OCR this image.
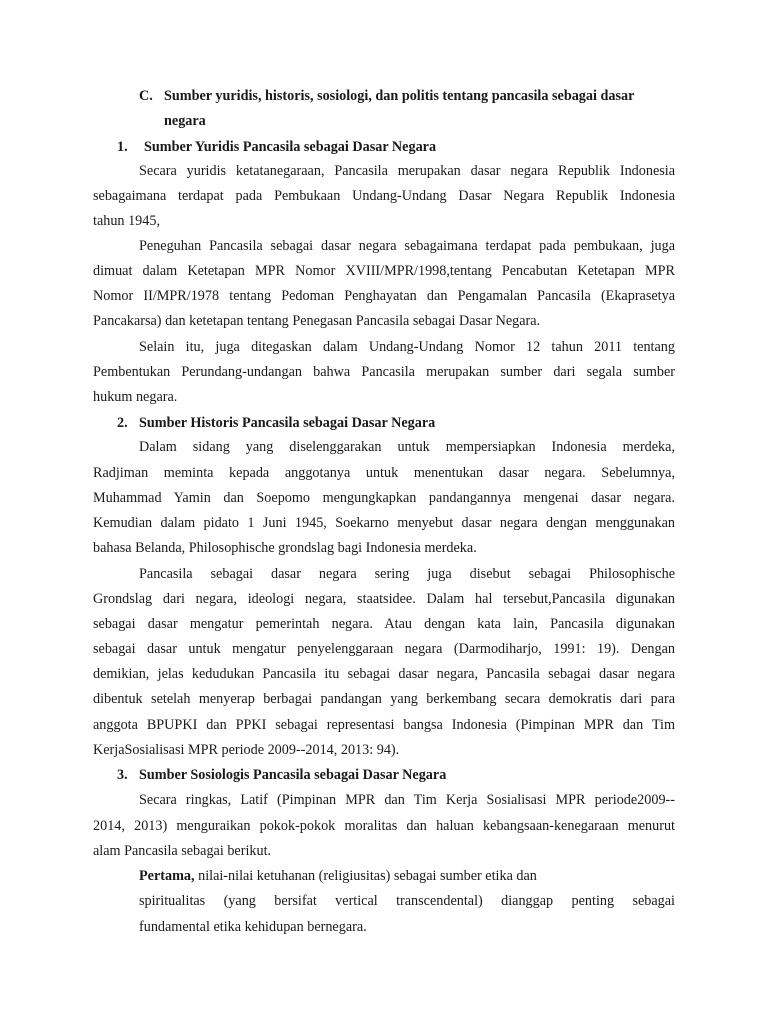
C. Sumber yuridis, historis, sosiologi, dan politis tentang pancasila sebagai dasar
negara
1. Sumber Yuridis Pancasila sebagai Dasar Negara
Secara yuridis ketatanegaraan, Pancasila merupakan dasar negara Republik Indonesia
sebagaimana terdapat pada Pembukaan Undang-Undang Dasar Negara Republik Indonesia
tahun 1945,
Peneguhan Pancasila sebagai dasar negara sebagaimana terdapat pada pembukaan, juga
dimuat dalam Ketetapan MPR Nomor XVIII/MPR/1998,tentang Pencabutan Ketetapan MPR
Nomor II/MPR/1978 tentang Pedoman Penghayatan dan Pengamalan Pancasila (Ekaprasetya
Pancakarsa) dan ketetapan tentang Penegasan Pancasila sebagai Dasar Negara.
Selain itu, juga ditegaskan dalam Undang-Undang Nomor 12 tahun 2011 tentang
Pembentukan Perundang-undangan bahwa Pancasila merupakan sumber dari segala sumber
hukum negara.
2. Sumber Historis Pancasila sebagai Dasar Negara
Dalam sidang yang diselenggarakan untuk mempersiapkan Indonesia merdeka,
Radjiman meminta kepada anggotanya untuk menentukan dasar negara. Sebelumnya,
Muhammad Yamin dan Soepomo mengungkapkan pandangannya mengenai dasar negara.
Kemudian dalam pidato 1 Juni 1945, Soekarno menyebut dasar negara dengan menggunakan
bahasa Belanda, Philosophische grondslag bagi Indonesia merdeka.
Pancasila sebagai dasar negara sering juga disebut sebagai Philosophische
Grondslag dari negara, ideologi negara, staatsidee. Dalam hal tersebut,Pancasila digunakan
sebagai dasar mengatur pemerintah negara. Atau dengan kata lain, Pancasila digunakan
sebagai dasar untuk mengatur penyelenggaraan negara (Darmodiharjo, 1991: 19). Dengan
demikian, jelas kedudukan Pancasila itu sebagai dasar negara, Pancasila sebagai dasar negara
dibentuk setelah menyerap berbagai pandangan yang berkembang secara demokratis dari para
anggota BPUPKI dan PPKI sebagai representasi bangsa Indonesia (Pimpinan MPR dan Tim
KerjaSosialisasi MPR periode 2009--2014, 2013: 94).
3. Sumber Sosiologis Pancasila sebagai Dasar Negara
Secara ringkas, Latif (Pimpinan MPR dan Tim Kerja Sosialisasi MPR periode2009--
2014, 2013) menguraikan pokok-pokok moralitas dan haluan kebangsaan-kenegaraan menurut
alam Pancasila sebagai berikut.
Pertama, nilai-nilai ketuhanan (religiusitas) sebagai sumber etika dan
spiritualitas (yang bersifat vertical transcendental) dianggap penting sebagai
fundamental etika kehidupan bernegara.
